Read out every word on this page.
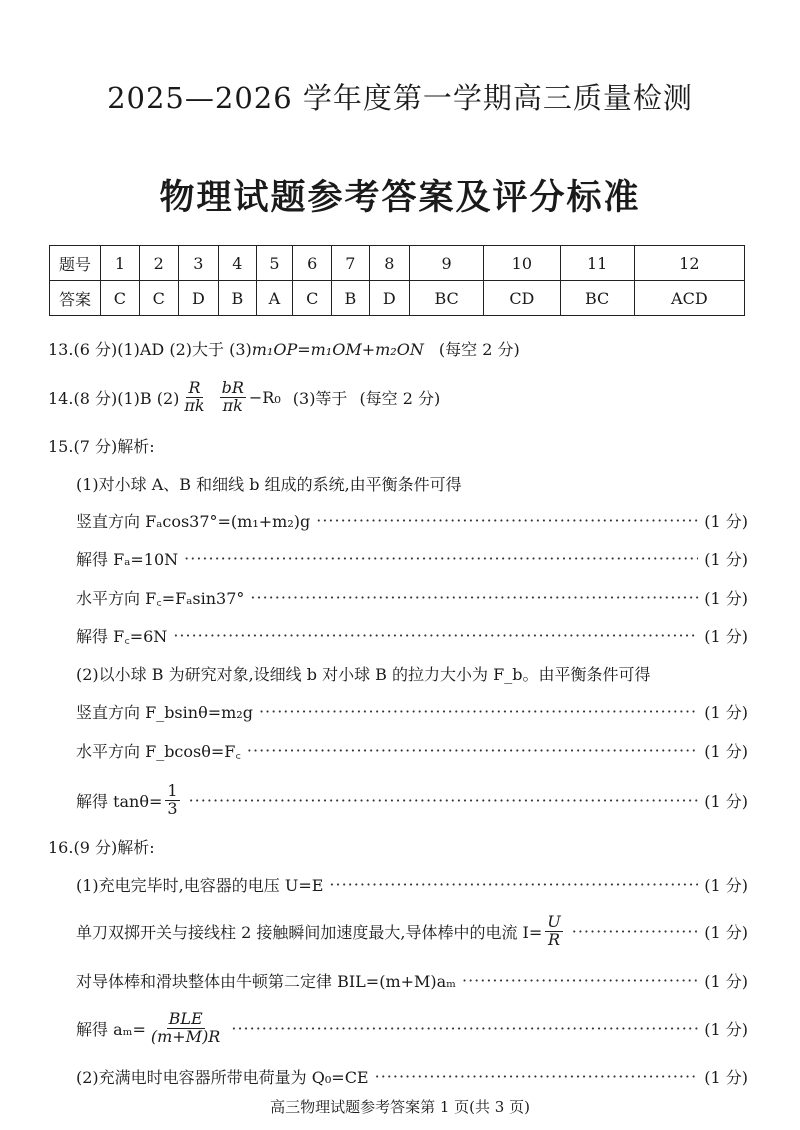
2025—2026 学年度第一学期高三质量检测
物理试题参考答案及评分标准
题号	1	2	3	4	5	6	7	8	9	10	11	12
答案	C	C	D	B	A	C	B	D	BC	CD	BC	ACD
13.(6 分)(1)AD (2)大于 (3)m₁OP=m₁OM+m₂ON (每空 2 分)
14.(8 分)(1)B $(2) \frac{R}{\pi k} \frac{bR}{\pi k} -R_0$ (3)等于 (每空 2 分)
15.(7 分)解析:
(1)对小球 A、B 和细线 b 组成的系统,由平衡条件可得
竖直方向 Fₐcos37°=(m₁+m₂)g ·····	(1 分)
解得 Fₐ=10N ·····	(1 分)
水平方向 F꜀=Fₐsin37° ·····	(1 分)
解得 F꜀=6N ·····	(1 分)
(2)以小球 B 为研究对象,设细线 b 对小球 B 的拉力大小为 F_b。由平衡条件可得
竖直方向 F_bsinθ=m₂g ·····	(1 分)
水平方向 F_bcosθ=F꜀ ·····	(1 分)
解得 $\tan\theta= \frac{1}{3}$ ·····	(1 分)
16.(9 分)解析:
(1)充电完毕时,电容器的电压 U=E ·····	(1 分)
单刀双掷开关与接线柱 2 接触瞬间加速度最大,导体棒中的电流 $I= \frac{U}{R}$ ·····	(1 分)
对导体棒和滑块整体由牛顿第二定律 BIL=(m+M)aₘ ·····	(1 分)
解得 $a_m= \frac{\text{BLE}}{(m+M)R}$ ·····	(1 分)
(2)充满电时电容器所带电荷量为 Q₀=CE ·····	(1 分)
高三物理试题参考答案第 1 页(共 3 页)
